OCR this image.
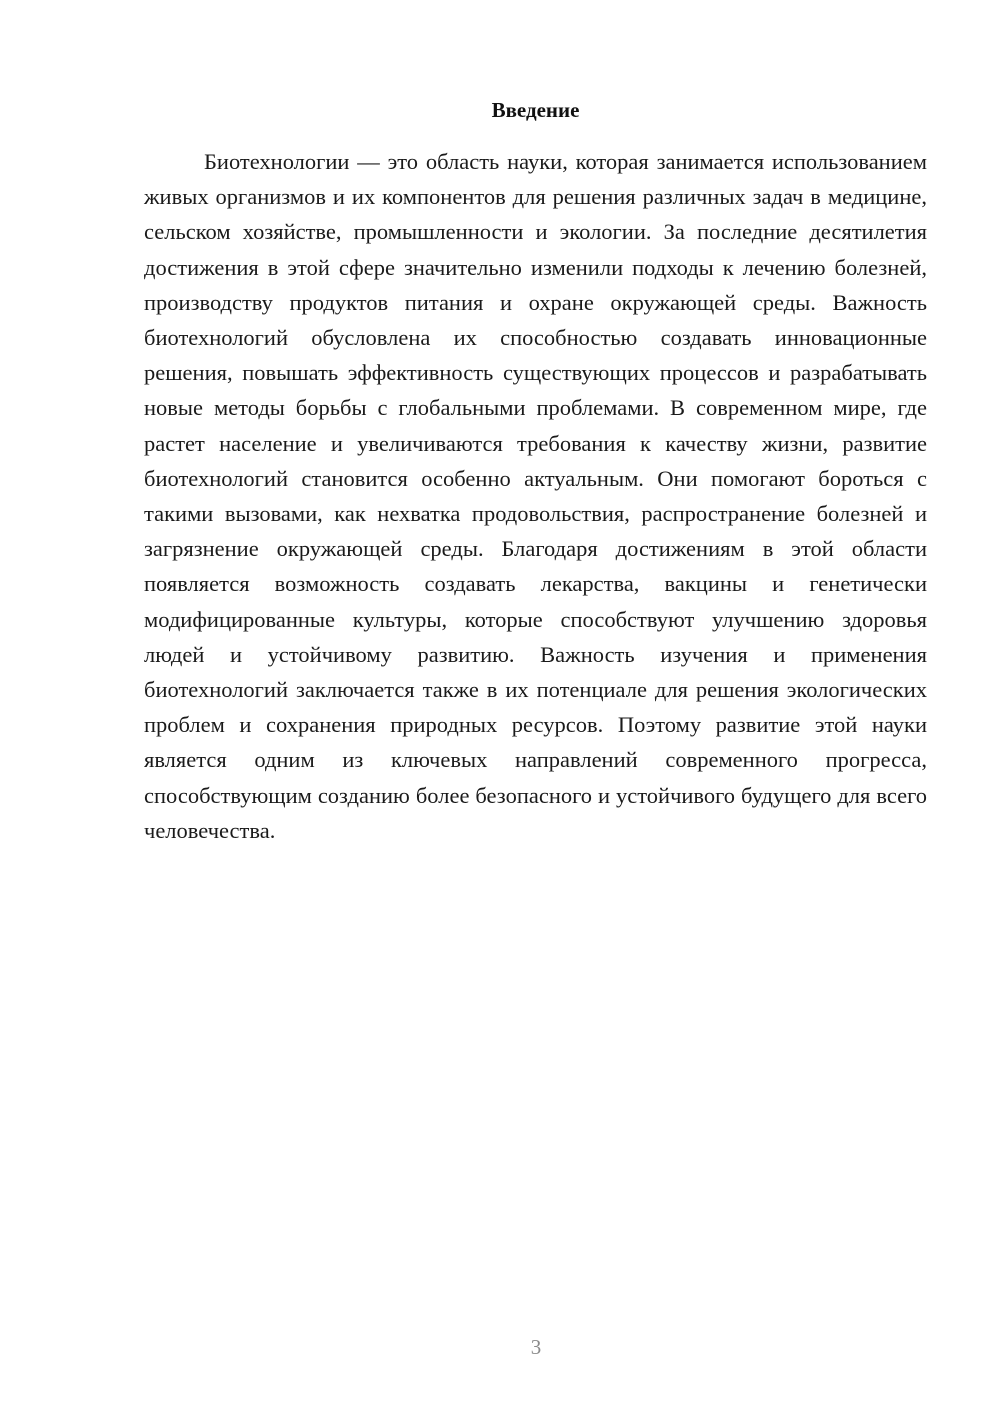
Введение

Биотехнологии — это область науки, которая занимается использованием живых организмов и их компонентов для решения различных задач в медицине, сельском хозяйстве, промышленности и экологии. За последние десятилетия достижения в этой сфере значительно изменили подходы к лечению болезней, производству продуктов питания и охране окружающей среды. Важность биотехнологий обусловлена их способностью создавать инновационные решения, повышать эффективность существующих процессов и разрабатывать новые методы борьбы с глобальными проблемами. В современном мире, где растет население и увеличиваются требования к качеству жизни, развитие биотехнологий становится особенно актуальным. Они помогают бороться с такими вызовами, как нехватка продовольствия, распространение болезней и загрязнение окружающей среды. Благодаря достижениям в этой области появляется возможность создавать лекарства, вакцины и генетически модифицированные культуры, которые способствуют улучшению здоровья людей и устойчивому развитию. Важность изучения и применения биотехнологий заключается также в их потенциале для решения экологических проблем и сохранения природных ресурсов. Поэтому развитие этой науки является одним из ключевых направлений современного прогресса, способствующим созданию более безопасного и устойчивого будущего для всего человечества.

3
